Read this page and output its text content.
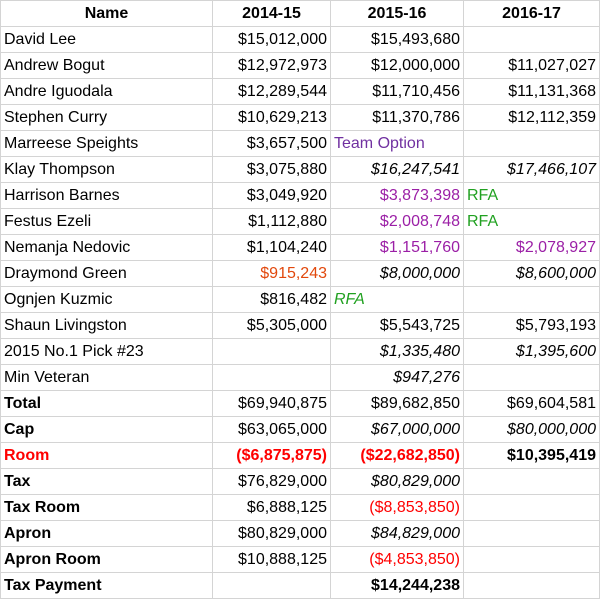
Name	2014-15	2015-16	2016-17
David Lee	$15,012,000	$15,493,680	
Andrew Bogut	$12,972,973	$12,000,000	$11,027,027
Andre Iguodala	$12,289,544	$11,710,456	$11,131,368
Stephen Curry	$10,629,213	$11,370,786	$12,112,359
Marreese Speights	$3,657,500	Team Option	
Klay Thompson	$3,075,880	$16,247,541	$17,466,107
Harrison Barnes	$3,049,920	$3,873,398	RFA
Festus Ezeli	$1,112,880	$2,008,748	RFA
Nemanja Nedovic	$1,104,240	$1,151,760	$2,078,927
Draymond Green	$915,243	$8,000,000	$8,600,000
Ognjen Kuzmic	$816,482	RFA	
Shaun Livingston	$5,305,000	$5,543,725	$5,793,193
2015 No.1 Pick #23		$1,335,480	$1,395,600
Min Veteran		$947,276	
Total	$69,940,875	$89,682,850	$69,604,581
Cap	$63,065,000	$67,000,000	$80,000,000
Room	($6,875,875)	($22,682,850)	$10,395,419
Tax	$76,829,000	$80,829,000	
Tax Room	$6,888,125	($8,853,850)	
Apron	$80,829,000	$84,829,000	
Apron Room	$10,888,125	($4,853,850)	
Tax Payment		$14,244,238	
